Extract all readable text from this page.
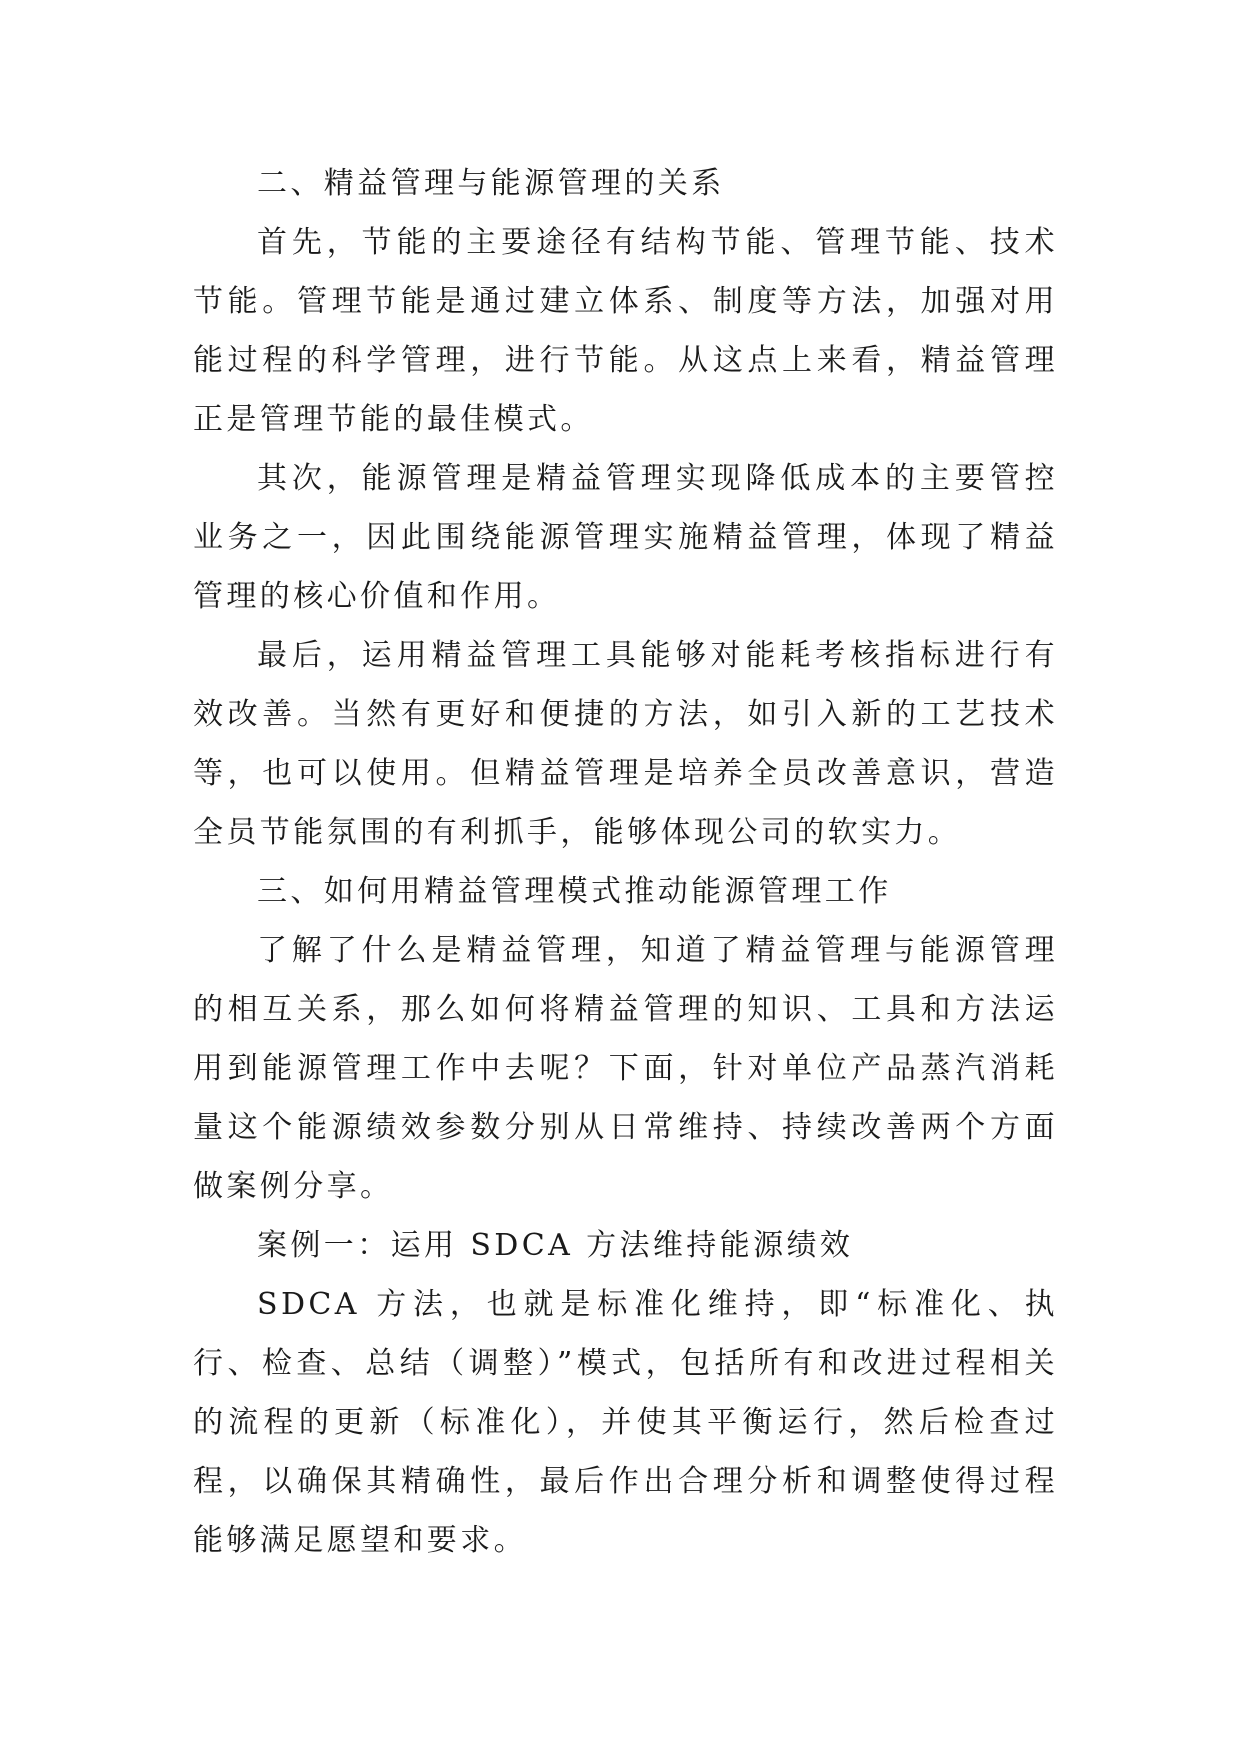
二、精益管理与能源管理的关系

首先，节能的主要途径有结构节能、管理节能、技术节能。管理节能是通过建立体系、制度等方法，加强对用能过程的科学管理，进行节能。从这点上来看，精益管理正是管理节能的最佳模式。

其次，能源管理是精益管理实现降低成本的主要管控业务之一，因此围绕能源管理实施精益管理，体现了精益管理的核心价值和作用。

最后，运用精益管理工具能够对能耗考核指标进行有效改善。当然有更好和便捷的方法，如引入新的工艺技术等，也可以使用。但精益管理是培养全员改善意识，营造全员节能氛围的有利抓手，能够体现公司的软实力。

三、如何用精益管理模式推动能源管理工作

了解了什么是精益管理，知道了精益管理与能源管理的相互关系，那么如何将精益管理的知识、工具和方法运用到能源管理工作中去呢？下面，针对单位产品蒸汽消耗量这个能源绩效参数分别从日常维持、持续改善两个方面做案例分享。

案例一：运用 SDCA 方法维持能源绩效

SDCA 方法，也就是标准化维持，即“标准化、执行、检查、总结（调整）”模式，包括所有和改进过程相关的流程的更新（标准化），并使其平衡运行，然后检查过程，以确保其精确性，最后作出合理分析和调整使得过程能够满足愿望和要求。
